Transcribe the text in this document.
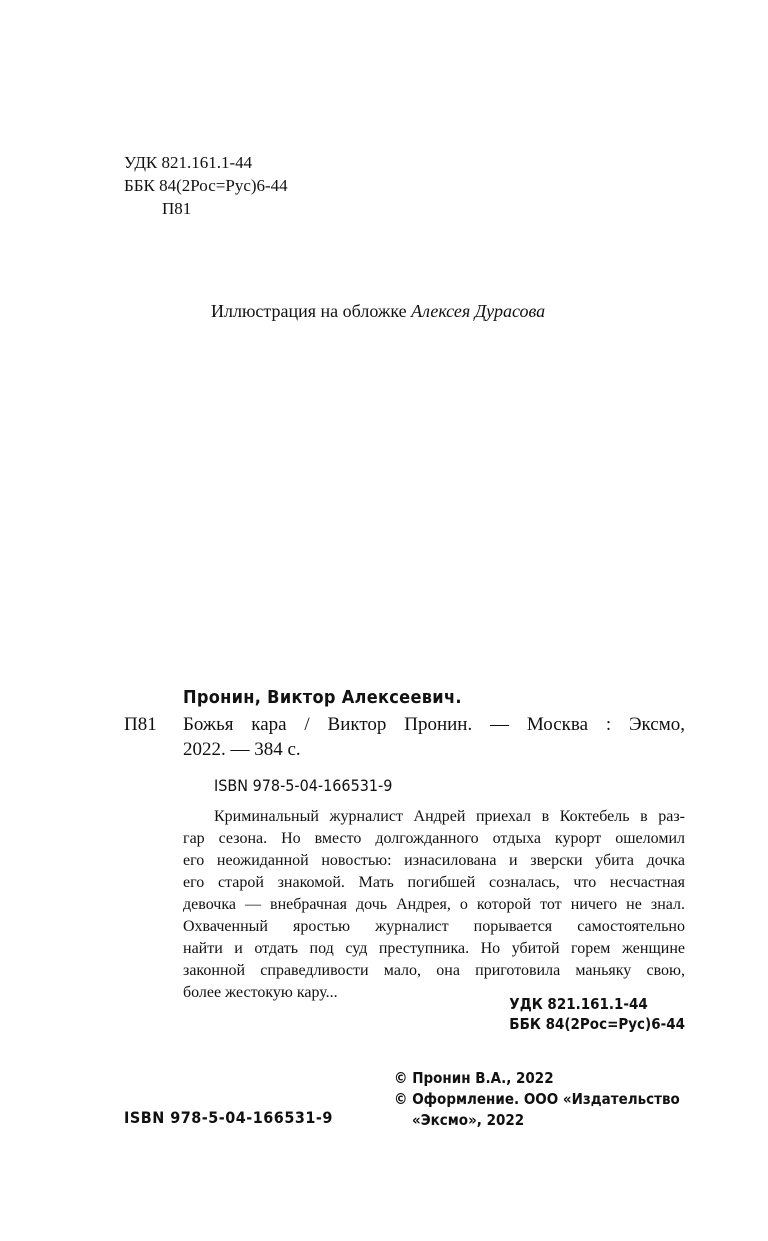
УДК 821.161.1-44
ББК 84(2Рос=Рус)6-44
П81
Иллюстрация на обложке Алексея Дурасова
Пронин, Виктор Алексеевич.
П81 Божья кара / Виктор Пронин. — Москва : Эксмо,
2022. — 384 с.
ISBN 978-5-04-166531-9
Криминальный журналист Андрей приехал в Коктебель в раз-
гар сезона. Но вместо долгожданного отдыха курорт ошеломил
его неожиданной новостью: изнасилована и зверски убита дочка
его старой знакомой. Мать погибшей созналась, что несчастная
девочка — внебрачная дочь Андрея, о которой тот ничего не знал.
Охваченный яростью журналист порывается самостоятельно
найти и отдать под суд преступника. Но убитой горем женщине
законной справедливости мало, она приготовила маньяку свою,
более жестокую кару...
УДК 821.161.1-44
ББК 84(2Рос=Рус)6-44
© Пронин В.А., 2022
© Оформление. ООО «Издательство
«Эксмо», 2022
ISBN 978-5-04-166531-9
